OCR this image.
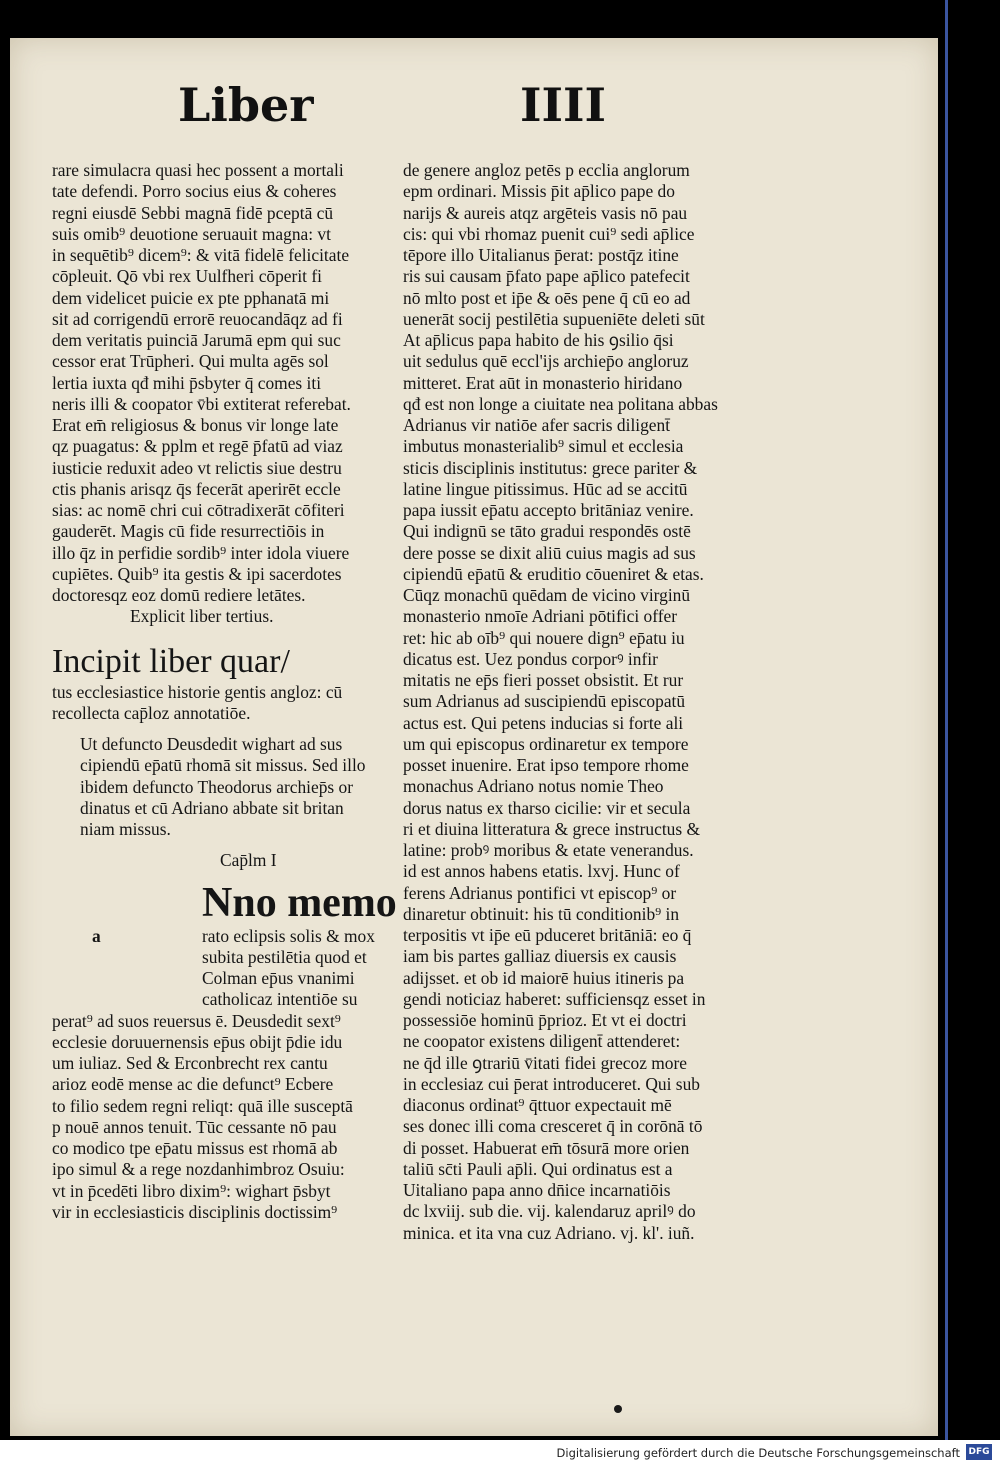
Liber	IIII
rare simulacra quasi hec possent a mortali
tate defendi. Porro socius eius & coheres
regni eiusdē Sebbi magnā fidē pceptā cū
suis omib⁹ deuotione seruauit magna: vt
in sequētib⁹ dicem⁹: & vitā fidelē felicitate
cōpleuit. Qō vbi rex Uulfheri cōperit fi
dem videlicet puicie ex pte pphanatā mi
sit ad corrigendū errorē reuocandāqz ad fi
dem veritatis puinciā Jarumā epm qui suc
cessor erat Trūpheri. Qui multa agēs sol
lertia iuxta qđ mihi p̄sbyter q̄ comes iti
neris illi & coopator v̄bi extiterat referebat.
Erat em̄ religiosus & bonus vir longe late
qz puagatus: & pplm et regē p̄fatū ad viaz
iusticie reduxit adeo vt relictis siue destru
ctis phanis arisqz q̄s fecerāt aperirēt eccle
sias: ac nomē chri cui cōtradixerāt cōfiteri
gauderēt. Magis cū fide resurrectiōis in
illo q̄z in perfidie sordib⁹ inter idola viuere
cupiētes. Quib⁹ ita gestis & ipi sacerdotes
doctoresqz eoz domū rediere letātes.
Explicit liber tertius.
Incipit liber quar/
tus ecclesiastice historie gentis angloz: cū
recollecta cap̄loz annotatiōe.
Ut defuncto Deusdedit wighart ad sus
cipiendū ep̄atū rhomā sit missus. Sed illo
ibidem defuncto Theodorus archiep̄s or
dinatus et cū Adriano abbate sit britan
niam missus.
Cap̄lm I
Nno memo
a	rato eclipsis solis & mox
subita pestilētia quod et
Colman ep̄us vnanimi
catholicaz intentiōe su
perat⁹ ad suos reuersus ē. Deusdedit sext⁹
ecclesie doruuernensis ep̄us obijt p̄die idu
um iuliaz. Sed & Erconbrecht rex cantu
arioz eodē mense ac die defunct⁹ Ecbere
to filio sedem regni reliqt: quā ille susceptā
p nouē annos tenuit. Tūc cessante nō pau
co modico tpe ep̄atu missus est rhomā ab
ipo simul & a rege nozdanhimbroz Osuiu:
vt in p̄cedēti libro dixim⁹: wighart p̄sbyt
vir in ecclesiasticis disciplinis doctissim⁹
de genere angloz petēs p ecclia anglorum
epm ordinari. Missis p̄it ap̄lico pape do
narijs & aureis atqz argēteis vasis nō pau
cis: qui vbi rhomaz puenit cui⁹ sedi ap̄lice
tēpore illo Uitalianus p̄erat: postq̄z itine
ris sui causam p̄fato pape ap̄lico patefecit
nō mlto post et ip̄e & oēs pene q̄ cū eo ad
uenerāt socij pestilētia supueniēte deleti sūt
At ap̄licus papa habito de his ꝯsilio q̄si
uit sedulus quē eccl'ijs archiep̄o angloruz
mitteret. Erat aūt in monasterio hiridano
qđ est non longe a ciuitate nea politana abbas
Adrianus vir natiōe afer sacris diligent̄
imbutus monasterialib⁹ simul et ecclesia
sticis disciplinis institutus: grece pariter &
latine lingue pitissimus. Hūc ad se accitū
papa iussit ep̄atu accepto britāniaz venire.
Qui indignū se tāto gradui respondēs ostē
dere posse se dixit aliū cuius magis ad sus
cipiendū ep̄atū & eruditio cōueniret & etas.
Cūqz monachū quēdam de vicino virginū
monasterio nmoīe Adriani pōtifici offer
ret: hic ab oīb⁹ qui nouere dign⁹ ep̄atu iu
dicatus est. Uez pondus corporꝰ infir
mitatis ne ep̄s fieri posset obsistit. Et rur
sum Adrianus ad suscipiendū episcopatū
actus est. Qui petens inducias si forte ali
um qui episcopus ordinaretur ex tempore
posset inuenire. Erat ipso tempore rhome
monachus Adriano notus nomie Theo
dorus natus ex tharso cicilie: vir et secula
ri et diuina litteratura & grece instructus &
latine: probꝰ moribus & etate venerandus.
id est annos habens etatis. lxvj. Hunc of
ferens Adrianus pontifici vt episcop⁹ or
dinaretur obtinuit: his tū conditionib⁹ in
terpositis vt ip̄e eū pduceret britāniā: eo q̄
iam bis partes galliaz diuersis ex causis
adijsset. et ob id maiorē huius itineris pa
gendi noticiaz haberet: sufficiensqz esset in
possessiōe hominū p̄prioz. Et vt ei doctri
ne coopator existens diligent̄ attenderet:
ne q̄d ille ꝯtrariū v̄itati fidei grecoz more
in ecclesiaz cui p̄erat introduceret. Qui sub
diaconus ordinat⁹ q̄ttuor expectauit mē
ses donec illi coma cresceret q̄ in corōnā tō
di posset. Habuerat em̄ tōsurā more orien
taliū sc̄ti Pauli ap̄li. Qui ordinatus est a
Uitaliano papa anno dn̄ice incarnatiōis
dc lxviij. sub die. vij. kalendaruz aprilꝰ do
minica. et ita vna cuz Adriano. vj. kl'. iuñ.
Digitalisierung gefördert durch die Deutsche Forschungsgemeinschaft DFG
